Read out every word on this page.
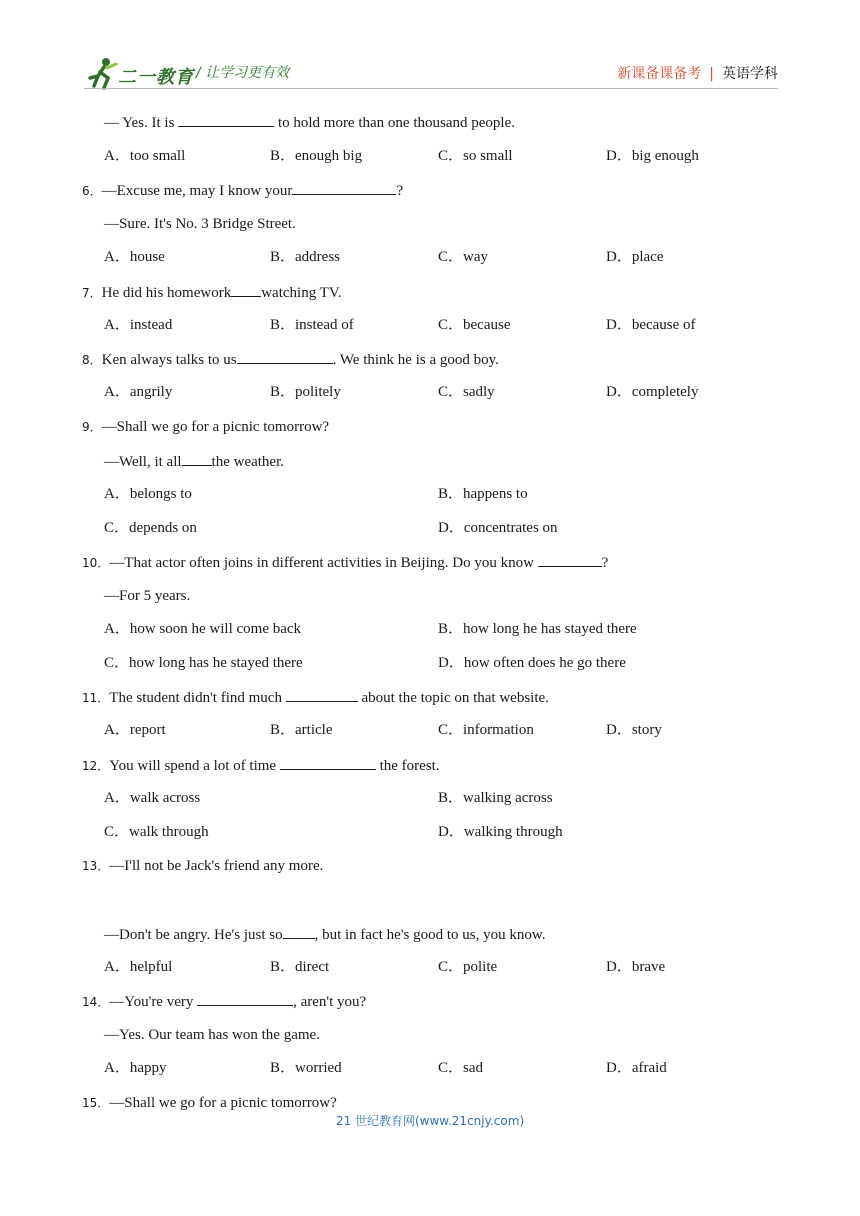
二一教育 / 让学习更有效	新课备课备考 | 英语学科
— Yes. It is	to hold more than one thousand people.
6．—Excuse me, may I know your	?
—Sure. It's No. 3 Bridge Street.
7．He did his homework watching TV.
8．Ken always talks to us	. We think he is a good boy.
9．—Shall we go for a picnic tomorrow?
—Well, it all the weather.
10．—That actor often joins in different activities in Beijing. Do you know	?
—For 5 years.
11．The student didn't find much	about the topic on that website.
12．You will spend a lot of time	the forest.
13．—I'll not be Jack's friend any more.
—Don't be angry. He's just so , but in fact he's good to us, you know.
14．—You're very	, aren't you?
—Yes. Our team has won the game.
15．—Shall we go for a picnic tomorrow?
A．too small	B．enough big	C．so small	D．big enough
A．house	B．address	C．way	D．place
A．instead	B．instead of	C．because	D．because of
A．angrily	B．politely	C．sadly	D．completely
A．belongs to	B．happens to
C．depends on	D．concentrates on
A．how soon he will come back	B．how long he has stayed there
C．how long has he stayed there	D．how often does he go there
A．report	B．article	C．information	D．story
A．walk across	B．walking across
C．walk through	D．walking through
A．helpful	B．direct	C．polite	D．brave
A．happy	B．worried	C．sad	D．afraid
21 世纪教育网(www.21cnjy.com)
